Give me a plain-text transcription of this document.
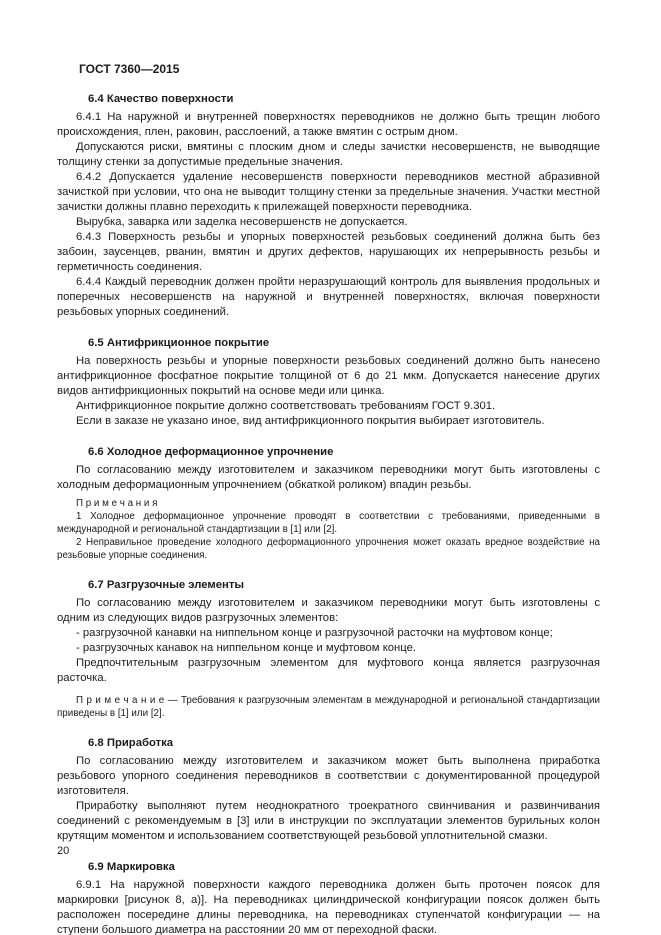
ГОСТ 7360—2015
6.4 Качество поверхности
6.4.1 На наружной и внутренней поверхностях переводников не должно быть трещин любого происхождения, плен, раковин, расслоений, а также вмятин с острым дном.
Допускаются риски, вмятины с плоским дном и следы зачистки несовершенств, не выводящие толщину стенки за допустимые предельные значения.
6.4.2 Допускается удаление несовершенств поверхности переводников местной абразивной зачисткой при условии, что она не выводит толщину стенки за предельные значения. Участки местной зачистки должны плавно переходить к прилежащей поверхности переводника.
Вырубка, заварка или заделка несовершенств не допускается.
6.4.3 Поверхность резьбы и упорных поверхностей резьбовых соединений должна быть без забоин, заусенцев, рванин, вмятин и других дефектов, нарушающих их непрерывность резьбы и герметичность соединения.
6.4.4 Каждый переводник должен пройти неразрушающий контроль для выявления продольных и поперечных несовершенств на наружной и внутренней поверхностях, включая поверхности резьбовых упорных соединений.
6.5 Антифрикционное покрытие
На поверхность резьбы и упорные поверхности резьбовых соединений должно быть нанесено антифрикционное фосфатное покрытие толщиной от 6 до 21 мкм. Допускается нанесение других видов антифрикционных покрытий на основе меди или цинка.
Антифрикционное покрытие должно соответствовать требованиям ГОСТ 9.301.
Если в заказе не указано иное, вид антифрикционного покрытия выбирает изготовитель.
6.6 Холодное деформационное упрочнение
По согласованию между изготовителем и заказчиком переводники могут быть изготовлены с холодным деформационным упрочнением (обкаткой роликом) впадин резьбы.
П р и м е ч а н и я
1 Холодное деформационное упрочнение проводят в соответствии с требованиями, приведенными в международной и региональной стандартизации в [1] или [2].
2 Неправильное проведение холодного деформационного упрочнения может оказать вредное воздействие на резьбовые упорные соединения.
6.7 Разгрузочные элементы
По согласованию между изготовителем и заказчиком переводники могут быть изготовлены с одним из следующих видов разгрузочных элементов:
- разгрузочной канавки на ниппельном конце и разгрузочной расточки на муфтовом конце;
- разгрузочных канавок на ниппельном конце и муфтовом конце.
Предпочтительным разгрузочным элементом для муфтового конца является разгрузочная расточка.
П р и м е ч а н и е — Требования к разгрузочным элементам в международной и региональной стандартизации приведены в [1] или [2].
6.8 Приработка
По согласованию между изготовителем и заказчиком может быть выполнена приработка резьбового упорного соединения переводников в соответствии с документированной процедурой изготовителя.
Приработку выполняют путем неоднократного троекратного свинчивания и развинчивания соединений с рекомендуемым в [3] или в инструкции по эксплуатации элементов бурильных колон крутящим моментом и использованием соответствующей резьбовой уплотнительной смазки.
6.9 Маркировка
6.9.1 На наружной поверхности каждого переводника должен быть проточен поясок для маркировки [рисунок 8, а)]. На переводниках цилиндрической конфигурации поясок должен быть расположен посередине длины переводника, на переводниках ступенчатой конфигурации — на ступени большого диаметра на расстоянии 20 мм от переходной фаски.
20
